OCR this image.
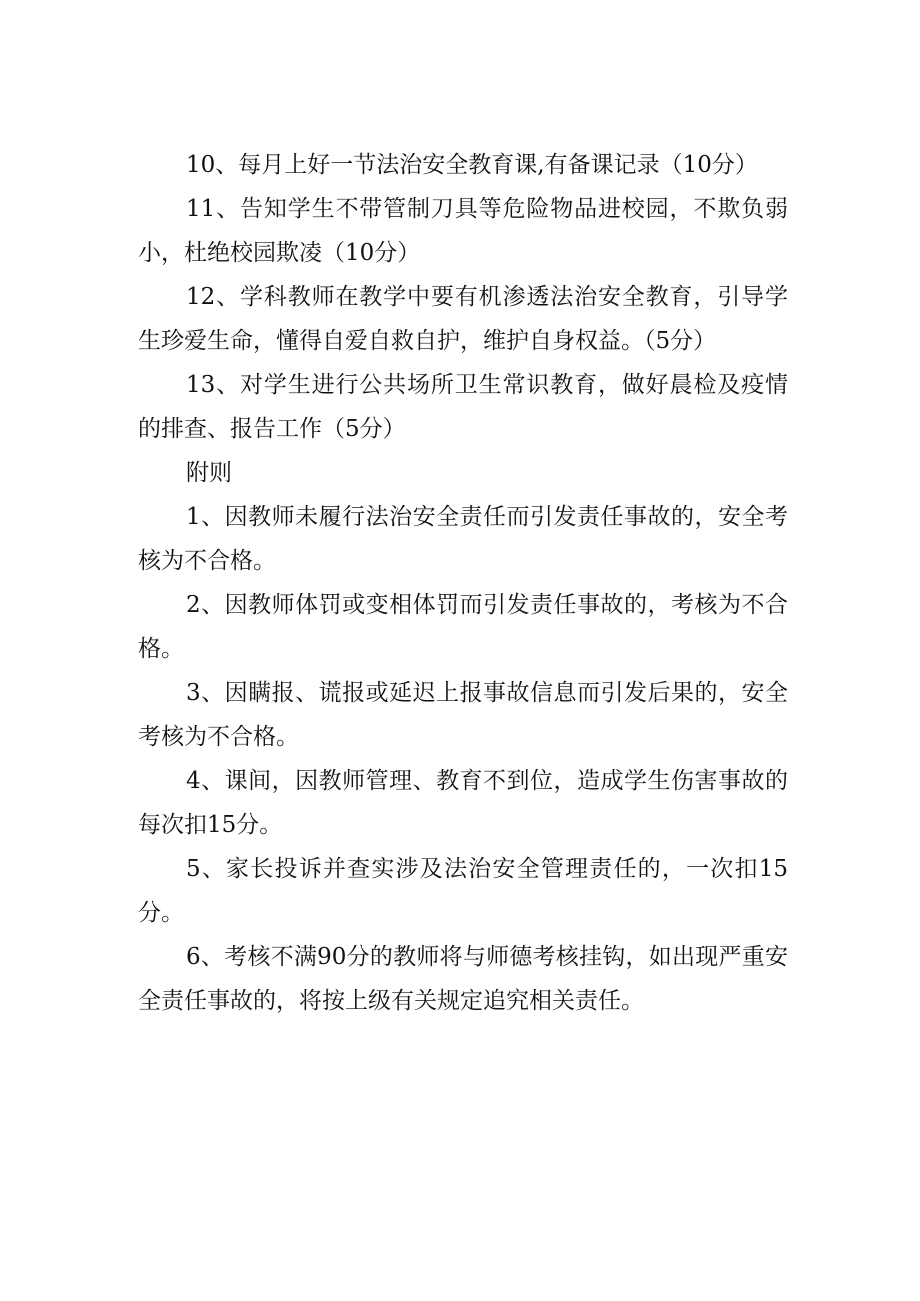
10、每月上好一节法治安全教育课,有备课记录（10分）

11、告知学生不带管制刀具等危险物品进校园，不欺负弱小，杜绝校园欺凌（10分）

12、学科教师在教学中要有机渗透法治安全教育，引导学生珍爱生命，懂得自爱自救自护，维护自身权益。（5分）

13、对学生进行公共场所卫生常识教育，做好晨检及疫情的排查、报告工作（5分）

附则

1、因教师未履行法治安全责任而引发责任事故的，安全考核为不合格。

2、因教师体罚或变相体罚而引发责任事故的，考核为不合格。

3、因瞒报、谎报或延迟上报事故信息而引发后果的，安全考核为不合格。

4、课间，因教师管理、教育不到位，造成学生伤害事故的每次扣15分。

5、家长投诉并查实涉及法治安全管理责任的，一次扣15分。

6、考核不满90分的教师将与师德考核挂钩，如出现严重安全责任事故的，将按上级有关规定追究相关责任。
